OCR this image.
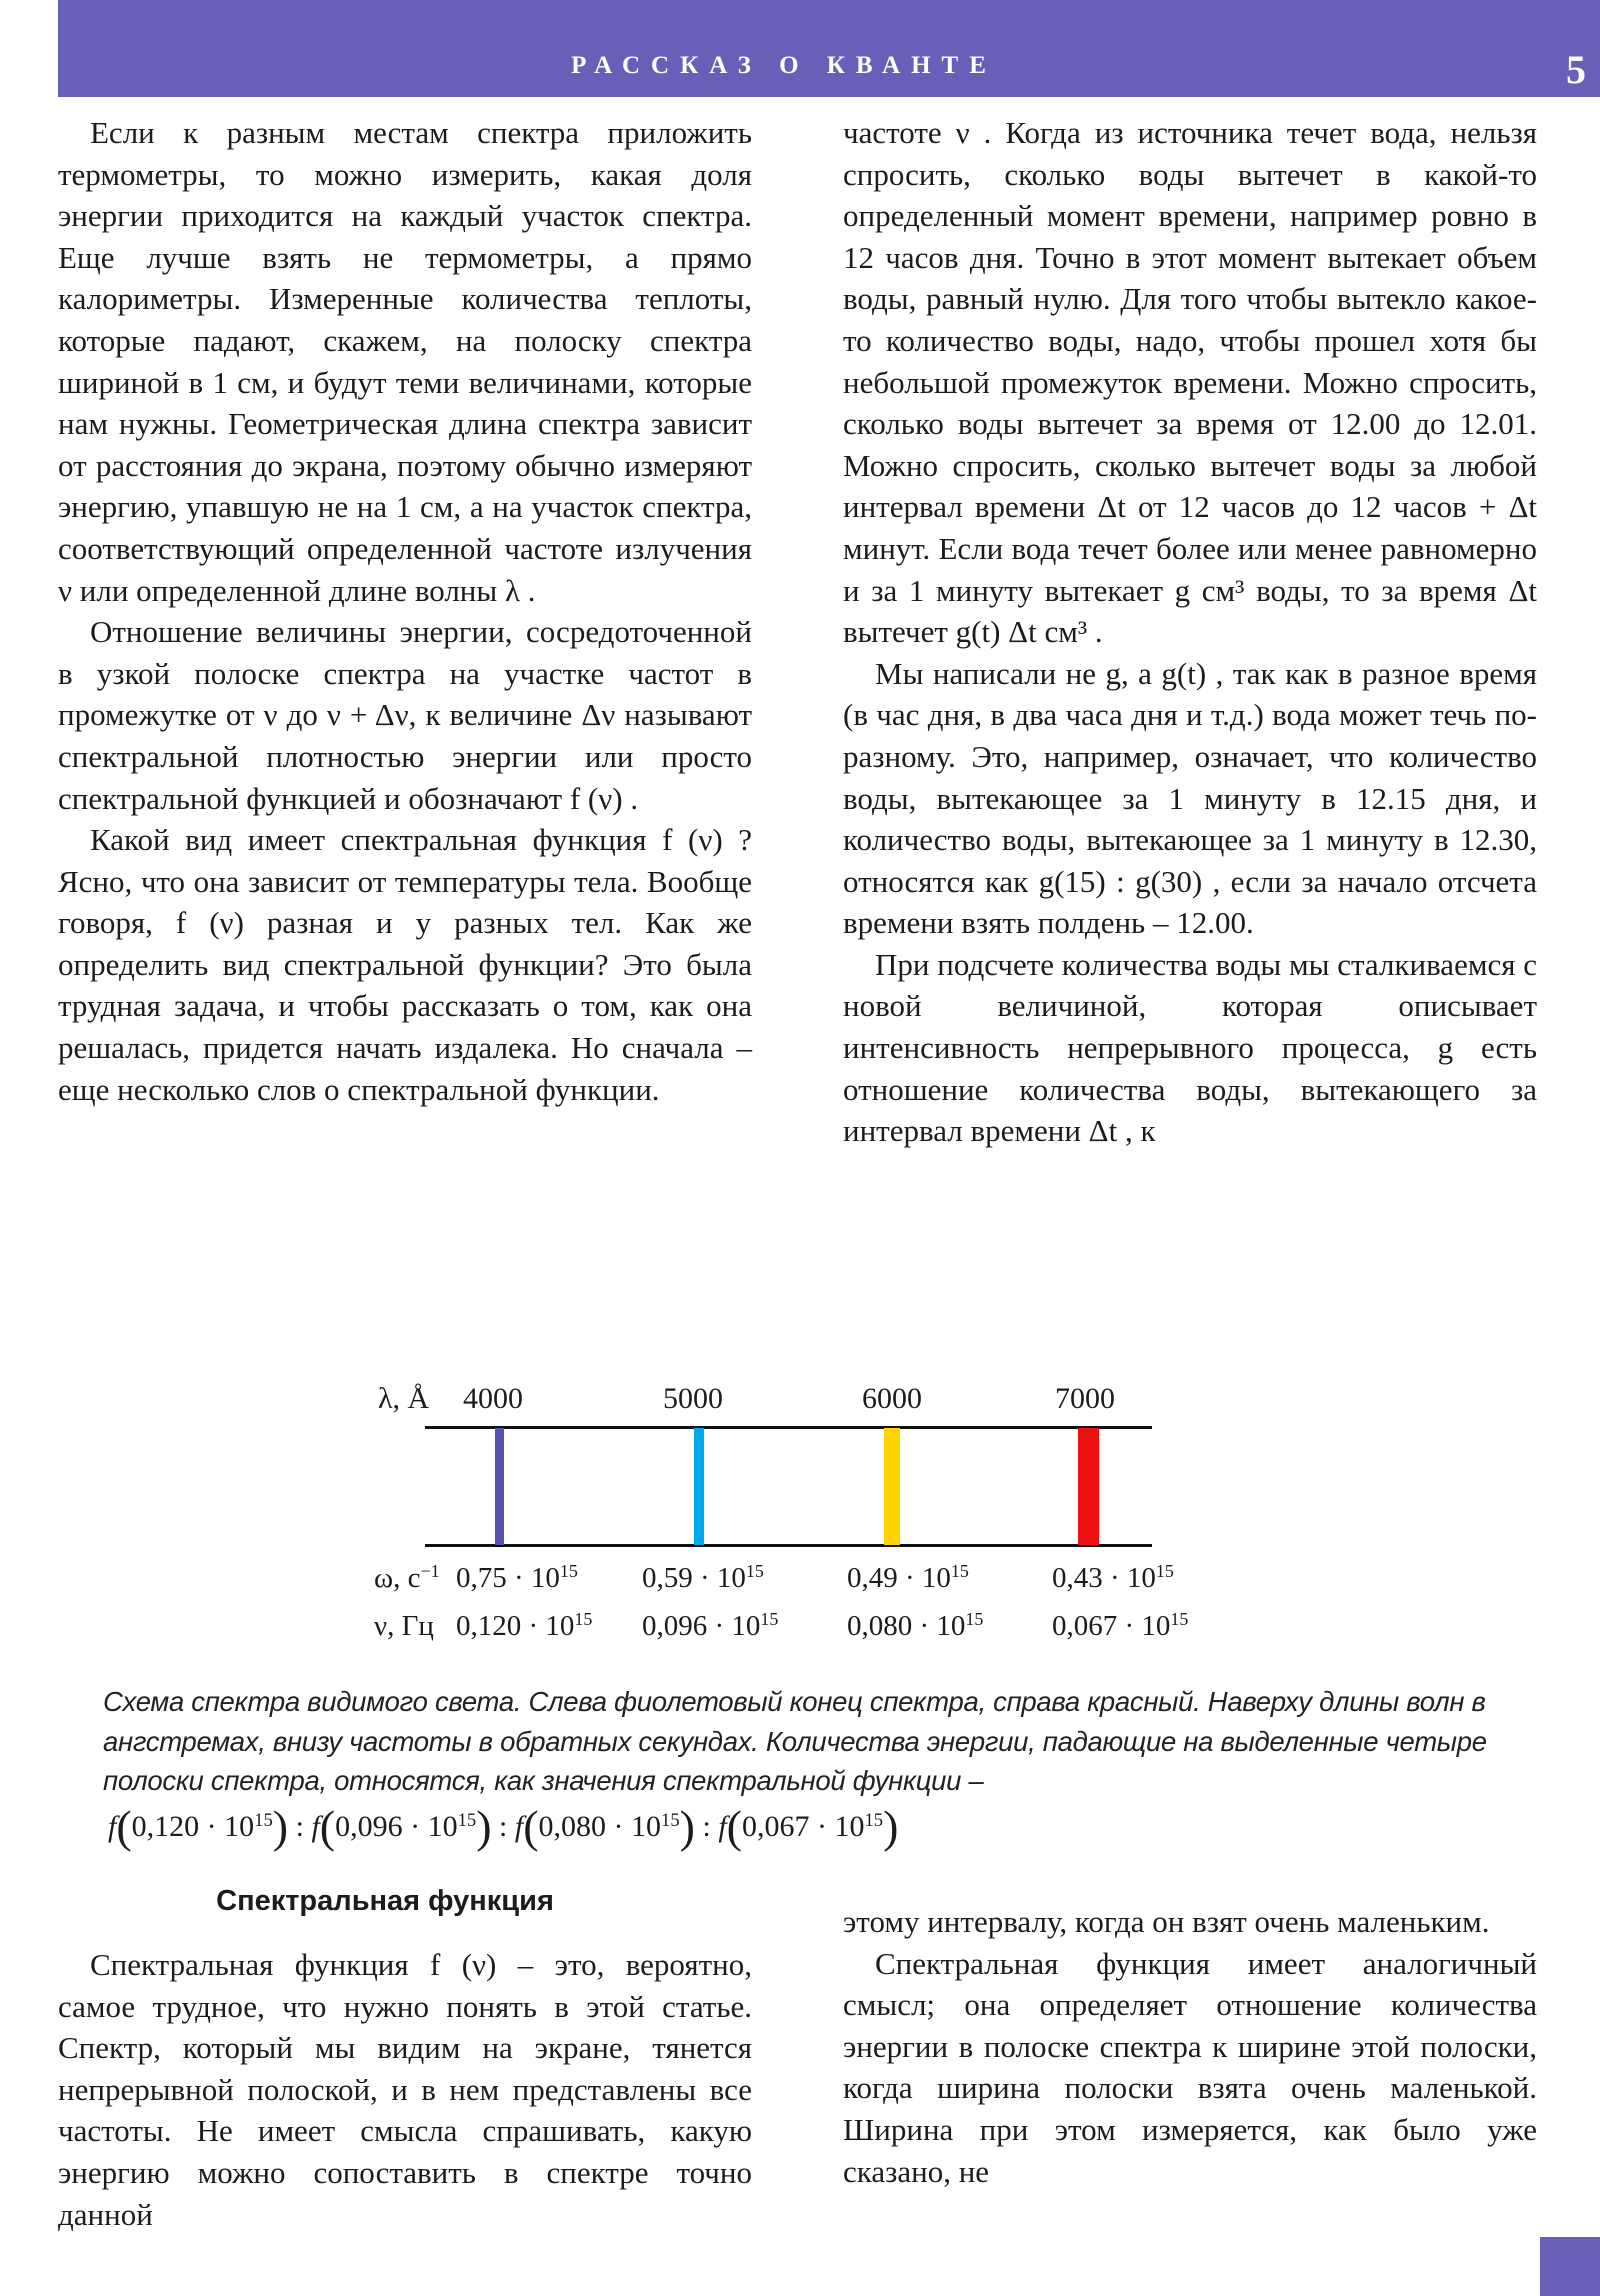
РАССКАЗ О КВАНТЕ	5

Если к разным местам спектра приложить термометры, то можно измерить, какая доля энергии приходится на каждый участок спектра. Еще лучше взять не термометры, а прямо калориметры. Измеренные количества теплоты, которые падают, скажем, на полоску спектра шириной в 1 см, и будут теми величинами, которые нам нужны. Геометрическая длина спектра зависит от расстояния до экрана, поэтому обычно измеряют энергию, упавшую не на 1 см, а на участок спектра, соответствующий определенной частоте излучения ν или определенной длине волны λ .

Отношение величины энергии, сосредоточенной в узкой полоске спектра на участке частот в промежутке от ν до ν + Δν, к величине Δν называют спектральной плотностью энергии или просто спектральной функцией и обозначают f (ν) .

Какой вид имеет спектральная функция f (ν) ? Ясно, что она зависит от температуры тела. Вообще говоря, f (ν) разная и у разных тел. Как же определить вид спектральной функции? Это была трудная задача, и чтобы рассказать о том, как она решалась, придется начать издалека. Но сначала – еще несколько слов о спектральной функции.

частоте ν . Когда из источника течет вода, нельзя спросить, сколько воды вытечет в какой-то определенный момент времени, например ровно в 12 часов дня. Точно в этот момент вытекает объем воды, равный нулю. Для того чтобы вытекло какое-то количество воды, надо, чтобы прошел хотя бы небольшой промежуток времени. Можно спросить, сколько воды вытечет за время от 12.00 до 12.01. Можно спросить, сколько вытечет воды за любой интервал времени Δt от 12 часов до 12 часов + Δt минут. Если вода течет более или менее равномерно и за 1 минуту вытекает g см³ воды, то за время Δt вытечет g(t) Δt см³ .

Мы написали не g, а g(t) , так как в разное время (в час дня, в два часа дня и т.д.) вода может течь по-разному. Это, например, означает, что количество воды, вытекающее за 1 минуту в 12.15 дня, и количество воды, вытекающее за 1 минуту в 12.30, относятся как g(15) : g(30) , если за начало отсчета времени взять полдень – 12.00.

При подсчете количества воды мы сталкиваемся с новой величиной, которая описывает интенсивность непрерывного процесса, g есть отношение количества воды, вытекающего за интервал времени Δt , к

λ, Å 4000	5000	6000	7000
ω, $с^{-1}$ $0,75 \cdot 10^{15}$ $0,59 \cdot 10^{15}$	$0,49 \cdot 10^{15}$	$0,43 \cdot 10^{15}$
ν, Гц $0,120 \cdot 10^{15}$ $0,096 \cdot 10^{15}$ $0,080 \cdot 10^{15}$ $0,067 \cdot 10^{15}$
Схема спектра видимого света. Слева фиолетовый конец спектра, справа красный. Наверху длины волн в ангстремах, внизу частоты в обратных секундах. Количества энергии, падающие на выделенные четыре полоски спектра, относятся, как значения спектральной функции –
$f(0,120 \cdot 10^{15})$ : $f(0,096 \cdot 10^{15})$ : $f(0,080 \cdot 10^{15})$ : $f(0,067 \cdot 10^{15})$
Спектральная функция

Спектральная функция f (ν) – это, вероятно, самое трудное, что нужно понять в этой статье. Спектр, который мы видим на экране, тянется непрерывной полоской, и в нем представлены все частоты. Не имеет смысла спрашивать, какую энергию можно сопоставить в спектре точно данной

этому интервалу, когда он взят очень маленьким.

Спектральная функция имеет аналогичный смысл; она определяет отношение количества энергии в полоске спектра к ширине этой полоски, когда ширина полоски взята очень маленькой. Ширина при этом измеряется, как было уже сказано, не
